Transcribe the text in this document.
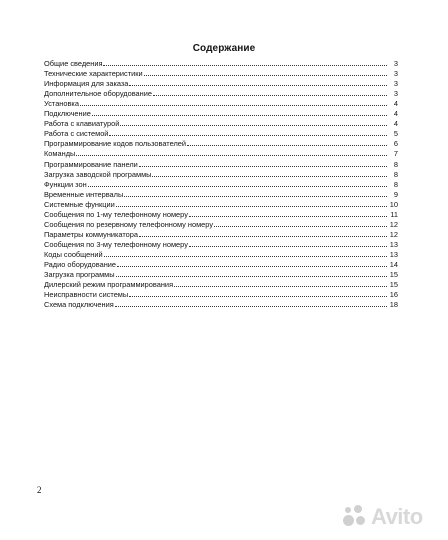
Содержание
Общие сведения	3
Технические характеристики	3
Информация для заказа	3
Дополнительное оборудование	3
Установка	4
Подключение	4
Работа с клавиатурой	4
Работа с системой	5
Программирование кодов пользователей	6
Команды	7
Программирование панели	8
Загрузка заводской программы	8
Функции зон	8
Временные интервалы	9
Системные функции	10
Сообщения по 1-му телефонному номеру	11
Сообщения по резервному телефонному номеру	12
Параметры коммуникатора	12
Сообщения по 3-му телефонному номеру	13
Коды сообщений	13
Радио оборудование	14
Загрузка программы	15
Дилерский режим программирования	15
Неисправности системы	16
Схема подключения	18
2
Avito
